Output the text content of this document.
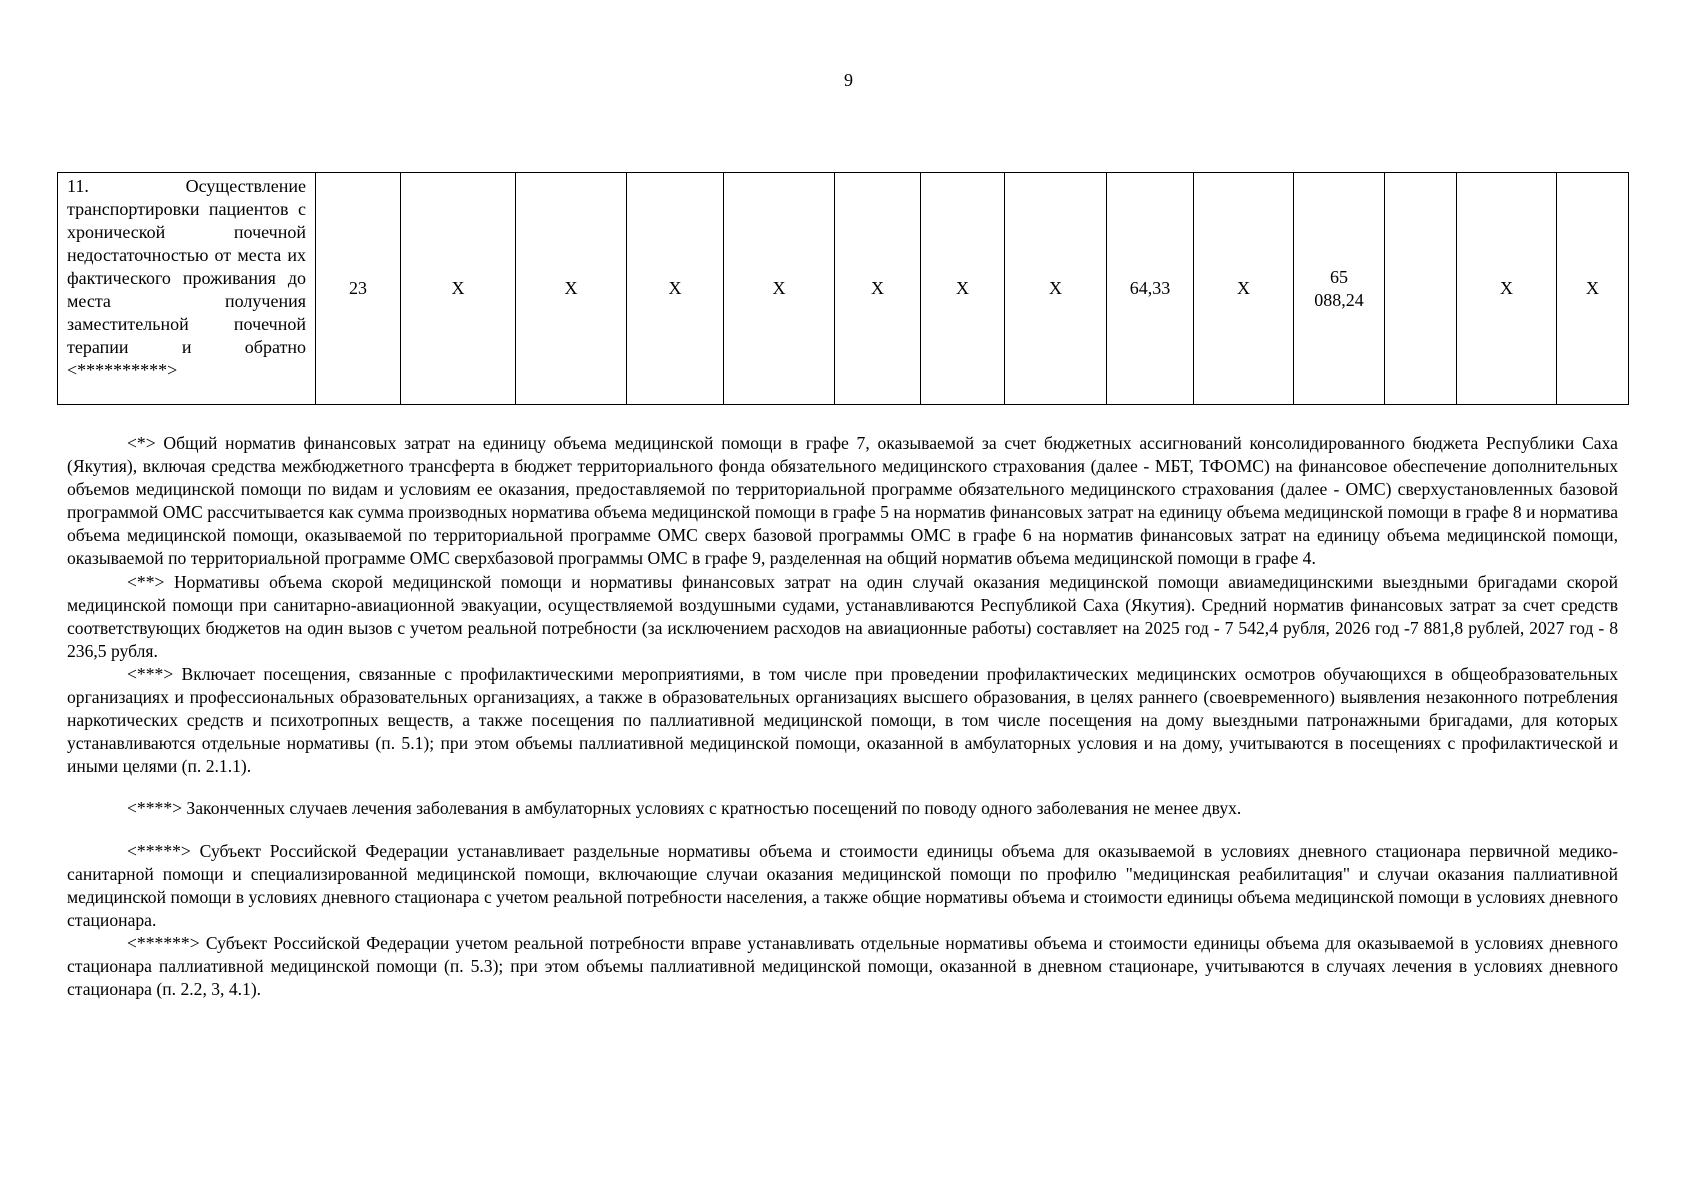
9
11. Осуществление транспортировки пациентов с хронической почечной недостаточностью от места их фактического проживания до места получения заместительной почечной терапии и обратно <**********>	23	Х	Х	Х	Х	Х	Х	Х	64,33	Х	65 088,24		Х	Х

<*> Общий норматив финансовых затрат на единицу объема медицинской помощи в графе 7, оказываемой за счет бюджетных ассигнований консолидированного бюджета Республики Саха (Якутия), включая средства межбюджетного трансферта в бюджет территориального фонда обязательного медицинского страхования (далее - МБТ, ТФОМС) на финансовое обеспечение дополнительных объемов медицинской помощи по видам и условиям ее оказания, предоставляемой по территориальной программе обязательного медицинского страхования (далее - ОМС) сверхустановленных базовой программой ОМС рассчитывается как сумма производных норматива объема медицинской помощи в графе 5 на норматив финансовых затрат на единицу объема медицинской помощи в графе 8 и норматива объема медицинской помощи, оказываемой по территориальной программе ОМС сверх базовой программы ОМС в графе 6 на норматив финансовых затрат на единицу объема медицинской помощи, оказываемой по территориальной программе ОМС сверхбазовой программы ОМС в графе 9, разделенная на общий норматив объема медицинской помощи в графе 4.

<**> Нормативы объема скорой медицинской помощи и нормативы финансовых затрат на один случай оказания медицинской помощи авиамедицинскими выездными бригадами скорой медицинской помощи при санитарно-авиационной эвакуации, осуществляемой воздушными судами, устанавливаются Республикой Саха (Якутия). Средний норматив финансовых затрат за счет средств соответствующих бюджетов на один вызов с учетом реальной потребности (за исключением расходов на авиационные работы) составляет на 2025 год - 7 542,4 рубля, 2026 год -7 881,8 рублей, 2027 год - 8 236,5 рубля.

<***> Включает посещения, связанные с профилактическими мероприятиями, в том числе при проведении профилактических медицинских осмотров обучающихся в общеобразовательных организациях и профессиональных образовательных организациях, а также в образовательных организациях высшего образования, в целях раннего (своевременного) выявления незаконного потребления наркотических средств и психотропных веществ, а также посещения по паллиативной медицинской помощи, в том числе посещения на дому выездными патронажными бригадами, для которых устанавливаются отдельные нормативы (п. 5.1); при этом объемы паллиативной медицинской помощи, оказанной в амбулаторных условия и на дому, учитываются в посещениях с профилактической и иными целями (п. 2.1.1).

<****> Законченных случаев лечения заболевания в амбулаторных условиях с кратностью посещений по поводу одного заболевания не менее двух.

<*****> Субъект Российской Федерации устанавливает раздельные нормативы объема и стоимости единицы объема для оказываемой в условиях дневного стационара первичной медико-санитарной помощи и специализированной медицинской помощи, включающие случаи оказания медицинской помощи по профилю "медицинская реабилитация" и случаи оказания паллиативной медицинской помощи в условиях дневного стационара с учетом реальной потребности населения, а также общие нормативы объема и стоимости единицы объема медицинской помощи в условиях дневного стационара.

<******> Субъект Российской Федерации учетом реальной потребности вправе устанавливать отдельные нормативы объема и стоимости единицы объема для оказываемой в условиях дневного стационара паллиативной медицинской помощи (п. 5.3); при этом объемы паллиативной медицинской помощи, оказанной в дневном стационаре, учитываются в случаях лечения в условиях дневного стационара (п. 2.2, 3, 4.1).
